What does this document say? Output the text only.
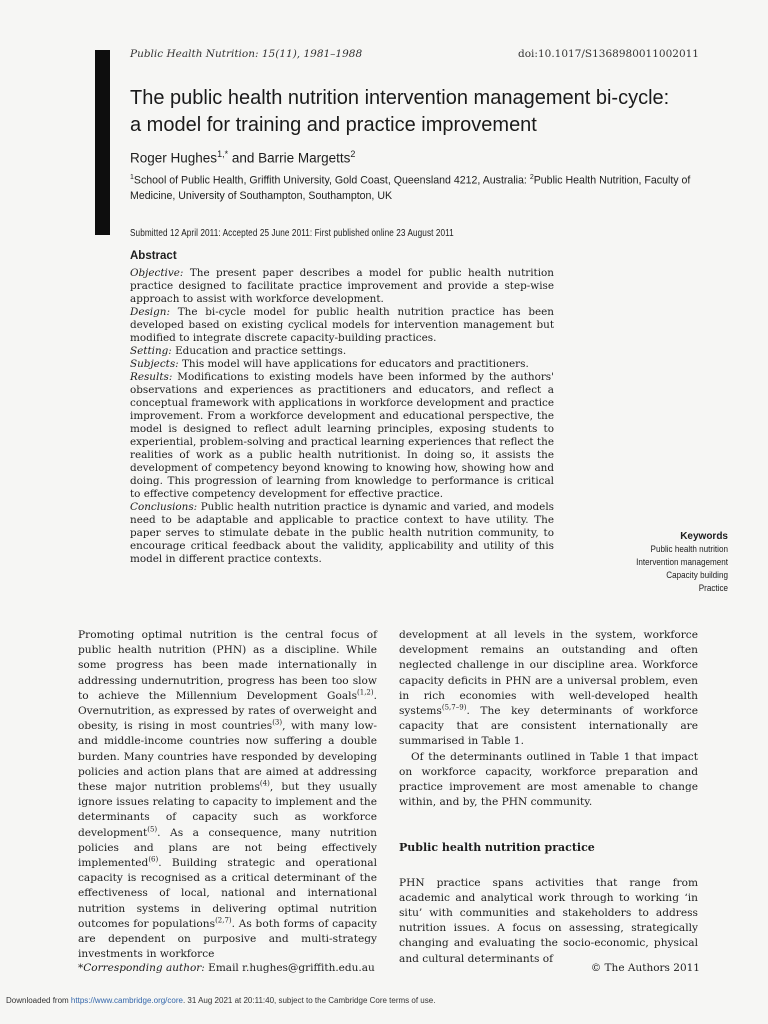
Public Health Nutrition: 15(11), 1981–1988	doi:10.1017/S1368980011002011
The public health nutrition intervention management bi-cycle:
a model for training and practice improvement
Roger Hughes$^{1,*}$ and Barrie Margetts$^2$
$^1$School of Public Health, Griffith University, Gold Coast, Queensland 4212, Australia: $^2$Public Health Nutrition, Faculty of Medicine, University of Southampton, Southampton, UK
Submitted 12 April 2011: Accepted 25 June 2011: First published online 23 August 2011
Abstract

Objective: The present paper describes a model for public health nutrition practice designed to facilitate practice improvement and provide a step-wise approach to assist with workforce development.

Design: The bi-cycle model for public health nutrition practice has been developed based on existing cyclical models for intervention management but modified to integrate discrete capacity-building practices.

Setting: Education and practice settings.

Subjects: This model will have applications for educators and practitioners.

Results: Modifications to existing models have been informed by the authors' observations and experiences as practitioners and educators, and reflect a conceptual framework with applications in workforce development and practice improvement. From a workforce development and educational perspective, the model is designed to reflect adult learning principles, exposing students to experiential, problem-solving and practical learning experiences that reflect the realities of work as a public health nutritionist. In doing so, it assists the development of competency beyond knowing to knowing how, showing how and doing. This progression of learning from knowledge to performance is critical to effective competency development for effective practice.

Conclusions: Public health nutrition practice is dynamic and varied, and models need to be adaptable and applicable to practice context to have utility. The paper serves to stimulate debate in the public health nutrition community, to encourage critical feedback about the validity, applicability and utility of this model in different practice contexts.

Keywords
Public health nutrition
Intervention management
Capacity building
Practice

Promoting optimal nutrition is the central focus of public health nutrition (PHN) as a discipline. While some progress has been made internationally in addressing undernutrition, progress has been too slow to achieve the Millennium Development Goals$^{(1,2)}$. Overnutrition, as expressed by rates of overweight and obesity, is rising in most countries$^{(3)}$, with many low- and middle-income countries now suffering a double burden. Many countries have responded by developing policies and action plans that are aimed at addressing these major nutrition problems$^{(4)}$, but they usually ignore issues relating to capacity to implement and the determinants of capacity such as workforce development$^{(5)}$. As a consequence, many nutrition policies and plans are not being effectively implemented$^{(6)}$. Building strategic and operational capacity is recognised as a critical determinant of the effectiveness of local, national and international nutrition systems in delivering optimal nutrition outcomes for populations$^{(2,7)}$. As both forms of capacity are dependent on purposive and multi-strategy investments in workforce

development at all levels in the system, workforce development remains an outstanding and often neglected challenge in our discipline area. Workforce capacity deficits in PHN are a universal problem, even in rich economies with well-developed health systems$^{(5,7-9)}$. The key determinants of workforce capacity that are consistent internationally are summarised in Table 1.

Of the determinants outlined in Table 1 that impact on workforce capacity, workforce preparation and practice improvement are most amenable to change within, and by, the PHN community.

Public health nutrition practice

PHN practice spans activities that range from academic and analytical work through to working ‘in situ’ with communities and stakeholders to address nutrition issues. A focus on assessing, strategically changing and evaluating the socio-economic, physical and cultural determinants of

*Corresponding author: Email r.hughes@griffith.edu.au	© The Authors 2011
Downloaded from https://www.cambridge.org/core. 31 Aug 2021 at 20:11:40, subject to the Cambridge Core terms of use.
